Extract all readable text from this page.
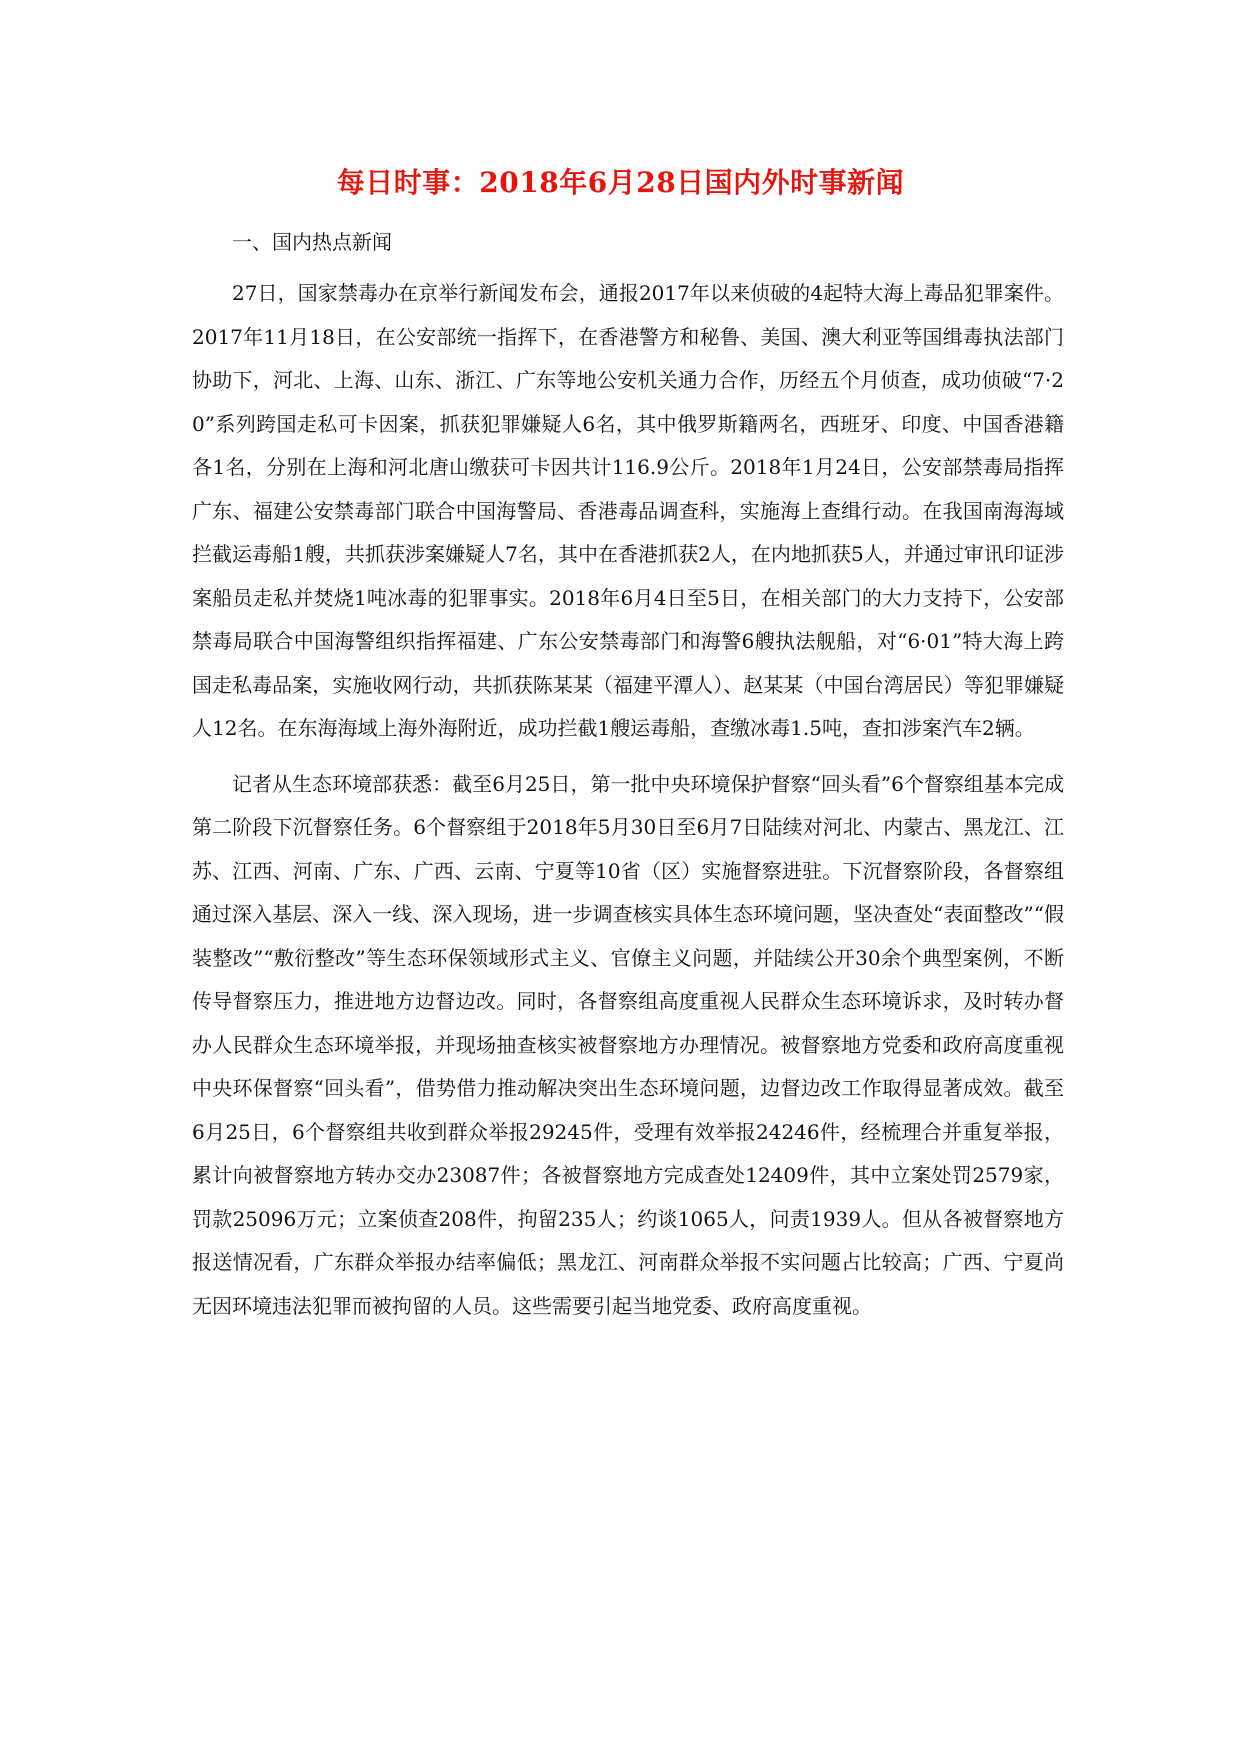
每日时事：2018年6月28日国内外时事新闻

一、国内热点新闻

27日，国家禁毒办在京举行新闻发布会，通报2017年以来侦破的4起特大海上毒品犯罪案件。2017年11月18日，在公安部统一指挥下，在香港警方和秘鲁、美国、澳大利亚等国缉毒执法部门协助下，河北、上海、山东、浙江、广东等地公安机关通力合作，历经五个月侦查，成功侦破“7·20”系列跨国走私可卡因案，抓获犯罪嫌疑人6名，其中俄罗斯籍两名，西班牙、印度、中国香港籍各1名，分别在上海和河北唐山缴获可卡因共计116.9公斤。2018年1月24日，公安部禁毒局指挥广东、福建公安禁毒部门联合中国海警局、香港毒品调查科，实施海上查缉行动。在我国南海海域拦截运毒船1艘，共抓获涉案嫌疑人7名，其中在香港抓获2人，在内地抓获5人，并通过审讯印证涉案船员走私并焚烧1吨冰毒的犯罪事实。2018年6月4日至5日，在相关部门的大力支持下，公安部禁毒局联合中国海警组织指挥福建、广东公安禁毒部门和海警6艘执法舰船，对“6·01”特大海上跨国走私毒品案，实施收网行动，共抓获陈某某（福建平潭人）、赵某某（中国台湾居民）等犯罪嫌疑人12名。在东海海域上海外海附近，成功拦截1艘运毒船，查缴冰毒1.5吨，查扣涉案汽车2辆。

记者从生态环境部获悉：截至6月25日，第一批中央环境保护督察“回头看”6个督察组基本完成第二阶段下沉督察任务。6个督察组于2018年5月30日至6月7日陆续对河北、内蒙古、黑龙江、江苏、江西、河南、广东、广西、云南、宁夏等10省（区）实施督察进驻。下沉督察阶段，各督察组通过深入基层、深入一线、深入现场，进一步调查核实具体生态环境问题，坚决查处“表面整改”“假装整改”“敷衍整改”等生态环保领域形式主义、官僚主义问题，并陆续公开30余个典型案例，不断传导督察压力，推进地方边督边改。同时，各督察组高度重视人民群众生态环境诉求，及时转办督办人民群众生态环境举报，并现场抽查核实被督察地方办理情况。被督察地方党委和政府高度重视中央环保督察“回头看”，借势借力推动解决突出生态环境问题，边督边改工作取得显著成效。截至6月25日，6个督察组共收到群众举报29245件，受理有效举报24246件，经梳理合并重复举报，累计向被督察地方转办交办23087件；各被督察地方完成查处12409件，其中立案处罚2579家，罚款25096万元；立案侦查208件，拘留235人；约谈1065人，问责1939人。但从各被督察地方报送情况看，广东群众举报办结率偏低；黑龙江、河南群众举报不实问题占比较高；广西、宁夏尚无因环境违法犯罪而被拘留的人员。这些需要引起当地党委、政府高度重视。
